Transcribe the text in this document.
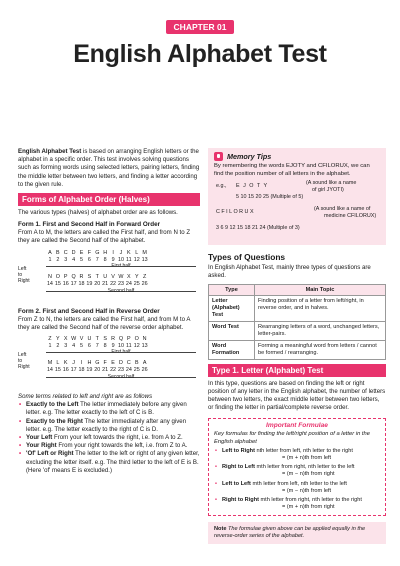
CHAPTER 01
English Alphabet Test

English Alphabet Test is based on arranging English letters or the alphabet in a specific order. This test involves solving questions such as forming words using selected letters, pairing letters, finding the middle letter between two letters, and finding a letter according to the given rule.

Forms of Alphabet Order (Halves)

The various types (halves) of alphabet order are as follows.

Form 1. First and Second Half in Forward Order

From A to M, the letters are called the First half, and from N to Z they are called the Second half of the alphabet.

A B C D E F G H I	J K L M
1 2 3 4 5 6 7 8 9 10 11 12 13
First half
Left
to
Right
N O P Q R S T U V W X Y Z
14 15 16 17 18 19 20 21 22 23 24 25 26
Second half
Form 2. First and Second Half in Reverse Order

From Z to N, the letters are called the First half, and from M to A they are called the Second half of the reverse order alphabet.

Z Y X W V U T S R Q P O N
1 2 3 4 5 6 7 8 9 10 11 12 13
First half
Left
to
Right
M L K J	I H G F E D C B A
14 15 16 17 18 19 20 21 22 23 24 25 26
Second half

Some terms related to left and right are as follows

• Exactly to the Left The letter immediately before any given letter. e.g. The letter exactly to the left of C is B.
• Exactly to the Right The letter immediately after any given letter. e.g. The letter exactly to the right of C is D.
• Your Left From your left towards the right, i.e. from A to Z.
• Your Right From your right towards the left, i.e. from Z to A.
• 'Of' Left or Right The letter to the left or right of any given letter, excluding the letter itself. e.g. The third letter to the left of E is B. (Here 'of' means E is excluded.)
Memory Tips

By remembering the words EJOTY and CFILORUX, we can find the position number of all letters in the alphabet.

e.g., E J O T Y	(A sound like a name
of girl JYOTI)
5 10 15 20 25 (Multiple of 5)
C F I L O R U X	(A sound like a name of
medicine CFILORUX)
3 6 9 12 15 18 21 24 (Multiple of 3)
Types of Questions

In English Alphabet Test, mainly three types of questions are asked.

Type	Main Topic
Letter (Alphabet) Test	Finding position of a letter from left/right, in reverse order, and in halves.
Word Test	Rearranging letters of a word, unchanged letters, letter-pairs.
Word Formation	Forming a meaningful word from letters / cannot be formed / rearranging.
Type 1. Letter (Alphabet) Test

In this type, questions are based on finding the left or right position of any letter in the English alphabet, the number of letters between two letters, the exact middle letter between two letters, or finding the letter in partial/complete reverse order.

Important Formulae

Key formulas for finding the left/right position of a letter in the English alphabet

• Left to Right nth letter from left, nth letter to the right
= (m + n)th from left
• Right to Left mth letter from right, nth letter to the left
= (m − n)th from right
• Left to Left mth letter from left, nth letter to the left
= (m − n)th from left
• Right to Right mth letter from right, nth letter to the right
= (m + n)th from right
Note The formulae given above can be applied equally in the reverse-order series of the alphabet.
